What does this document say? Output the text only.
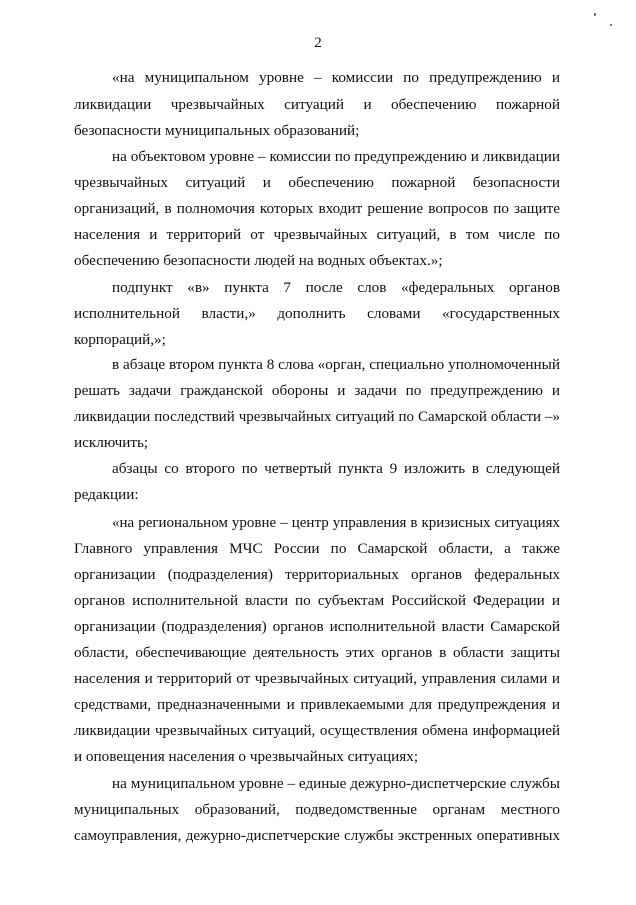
2
«на муниципальном уровне – комиссии по предупреждению и
ликвидации чрезвычайных ситуаций и обеспечению пожарной
безопасности муниципальных образований;
на объектовом уровне – комиссии по предупреждению и ликвидации
чрезвычайных ситуаций и обеспечению пожарной безопасности
организаций, в полномочия которых входит решение вопросов по защите
населения и территорий от чрезвычайных ситуаций, в том числе по
обеспечению безопасности людей на водных объектах.»;
подпункт «в» пункта 7 после слов «федеральных органов
исполнительной власти,» дополнить словами «государственных
корпораций,»;
в абзаце втором пункта 8 слова «орган, специально уполномоченный
решать задачи гражданской обороны и задачи по предупреждению и
ликвидации последствий чрезвычайных ситуаций по Самарской области –»
исключить;
абзацы со второго по четвертый пункта 9 изложить в следующей
редакции:
«на региональном уровне – центр управления в кризисных ситуациях
Главного управления МЧС России по Самарской области, а также
организации (подразделения) территориальных органов федеральных
органов исполнительной власти по субъектам Российской Федерации и
организации (подразделения) органов исполнительной власти Самарской
области, обеспечивающие деятельность этих органов в области защиты
населения и территорий от чрезвычайных ситуаций, управления силами и
средствами, предназначенными и привлекаемыми для предупреждения и
ликвидации чрезвычайных ситуаций, осуществления обмена информацией
и оповещения населения о чрезвычайных ситуациях;
на муниципальном уровне – единые дежурно-диспетчерские службы
муниципальных образований, подведомственные органам местного
самоуправления, дежурно-диспетчерские службы экстренных оперативных
